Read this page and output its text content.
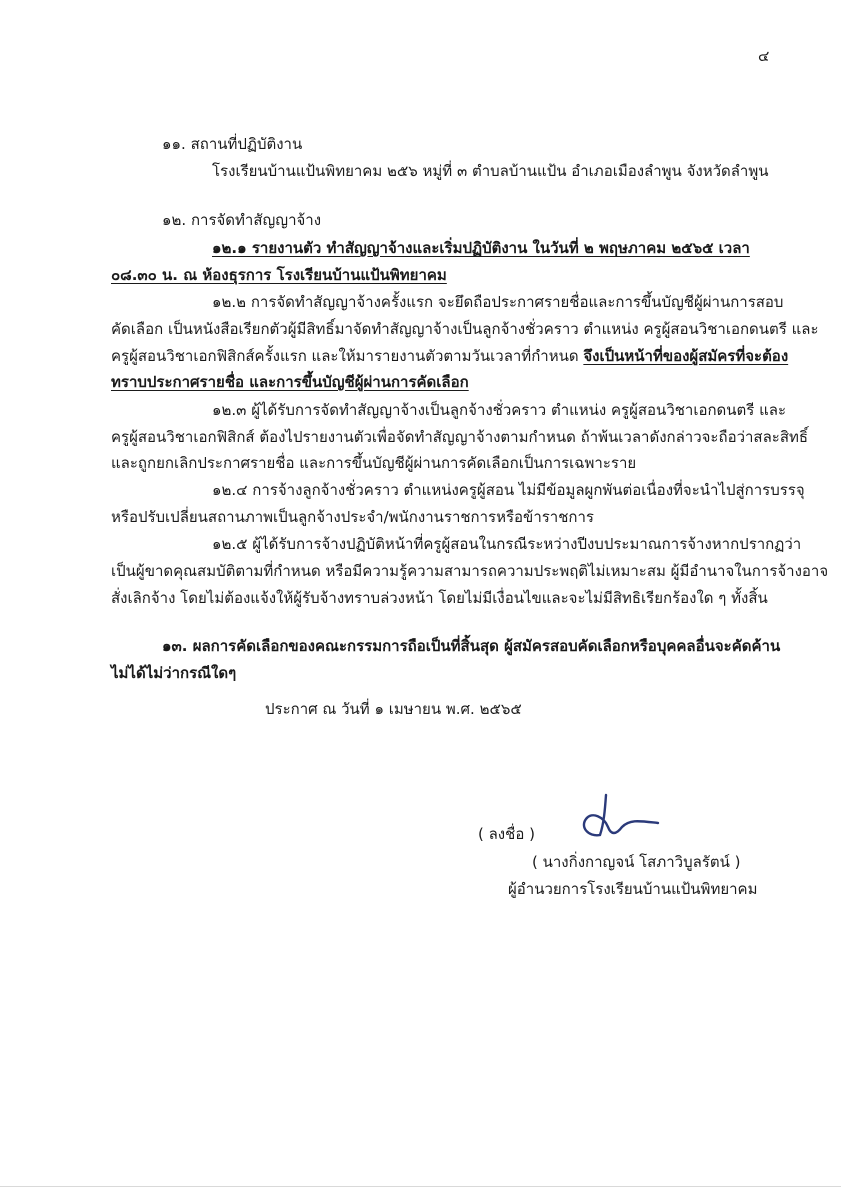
๔
๑๑. สถานที่ปฏิบัติงาน
โรงเรียนบ้านแป้นพิทยาคม ๒๕๖ หมู่ที่ ๓ ตำบลบ้านแป้น อำเภอเมืองลำพูน จังหวัดลำพูน
๑๒. การจัดทำสัญญาจ้าง
๑๒.๑ รายงานตัว ทำสัญญาจ้างและเริ่มปฏิบัติงาน ในวันที่ ๒ พฤษภาคม ๒๕๖๕ เวลา
๐๘.๓๐ น. ณ ห้องธุรการ โรงเรียนบ้านแป้นพิทยาคม
๑๒.๒ การจัดทำสัญญาจ้างครั้งแรก จะยึดถือประกาศรายชื่อและการขึ้นบัญชีผู้ผ่านการสอบ
คัดเลือก เป็นหนังสือเรียกตัวผู้มีสิทธิ์มาจัดทำสัญญาจ้างเป็นลูกจ้างชั่วคราว ตำแหน่ง ครูผู้สอนวิชาเอกดนตรี และ
ครูผู้สอนวิชาเอกฟิสิกส์ครั้งแรก และให้มารายงานตัวตามวันเวลาที่กำหนด จึงเป็นหน้าที่ของผู้สมัครที่จะต้อง
ทราบประกาศรายชื่อ และการขึ้นบัญชีผู้ผ่านการคัดเลือก
๑๒.๓ ผู้ได้รับการจัดทำสัญญาจ้างเป็นลูกจ้างชั่วคราว ตำแหน่ง ครูผู้สอนวิชาเอกดนตรี และ
ครูผู้สอนวิชาเอกฟิสิกส์ ต้องไปรายงานตัวเพื่อจัดทำสัญญาจ้างตามกำหนด ถ้าพ้นเวลาดังกล่าวจะถือว่าสละสิทธิ์
และถูกยกเลิกประกาศรายชื่อ และการขึ้นบัญชีผู้ผ่านการคัดเลือกเป็นการเฉพาะราย
๑๒.๔ การจ้างลูกจ้างชั่วคราว ตำแหน่งครูผู้สอน ไม่มีข้อมูลผูกพันต่อเนื่องที่จะนำไปสู่การบรรจุ
หรือปรับเปลี่ยนสถานภาพเป็นลูกจ้างประจำ/พนักงานราชการหรือข้าราชการ
๑๒.๕ ผู้ได้รับการจ้างปฏิบัติหน้าที่ครูผู้สอนในกรณีระหว่างปีงบประมาณการจ้างหากปรากฏว่า
เป็นผู้ขาดคุณสมบัติตามที่กำหนด หรือมีความรู้ความสามารถความประพฤติไม่เหมาะสม ผู้มีอำนาจในการจ้างอาจ
สั่งเลิกจ้าง โดยไม่ต้องแจ้งให้ผู้รับจ้างทราบล่วงหน้า โดยไม่มีเงื่อนไขและจะไม่มีสิทธิเรียกร้องใด ๆ ทั้งสิ้น
๑๓. ผลการคัดเลือกของคณะกรรมการถือเป็นที่สิ้นสุด ผู้สมัครสอบคัดเลือกหรือบุคคลอื่นจะคัดค้าน
ไม่ได้ไม่ว่ากรณีใดๆ
ประกาศ ณ วันที่ ๑ เมษายน พ.ศ. ๒๕๖๕
( ลงชื่อ )
( นางกิ่งกาญจน์ โสภาวิบูลรัตน์ )
ผู้อำนวยการโรงเรียนบ้านแป้นพิทยาคม
